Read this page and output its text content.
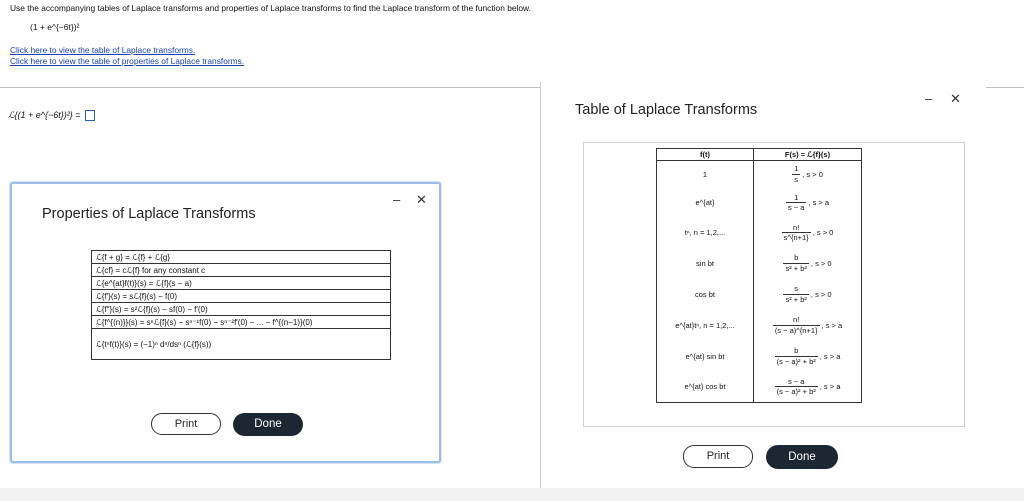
Use the accompanying tables of Laplace transforms and properties of Laplace transforms to find the Laplace transform of the function below.
(1 + e^{−6t})²
Click here to view the table of Laplace transforms.
Click here to view the table of properties of Laplace transforms.
ℒ{(1 + e^{−6t})²} =
Properties of Laplace Transforms
– ✕
ℒ{f + g} = ℒ{f} + ℒ{g}
ℒ{cf} = cℒ{f} for any constant c
ℒ{e^{at}f(t)}(s) = ℒ{f}(s − a)
ℒ{f′}(s) = sℒ{f}(s) − f(0)
ℒ{f″}(s) = s²ℒ{f}(s) − sf(0) − f′(0)
ℒ{f^{(n)}}(s) = sⁿℒ{f}(s) − sⁿ⁻¹f(0) − sⁿ⁻²f′(0) − ... − f^{(n−1)}(0)
ℒ{tⁿf(t)}(s) = (−1)ⁿ dⁿ/dsⁿ (ℒ{f}(s))
Print	Done
Table of Laplace Transforms
– ✕
f(t)	F(s) = ℒ{f}(s)
1	$\frac{1}{s}$ , s > 0
e^{at}	$\frac{1}{s - a}$ , s > a
tⁿ, n = 1,2,...	$\frac{n!}{s\^{}\{n+1\}}$ , s > 0
sin bt	$\frac{b}{\text{s² + b²}}$ , s > 0
cos bt	$\frac{s}{\text{s² + b²}}$ , s > 0
e^{at}tⁿ, n = 1,2,...	$\frac{n!}{(s - a)\^{}\{n+1\}}$ , s > a
e^{at} sin bt	$\frac{b}{\text{(s − a)² + b²}}$ , s > a
e^{at} cos bt	$\frac{s - a}{\text{(s − a)² + b²}}$ , s > a
Print	Done
